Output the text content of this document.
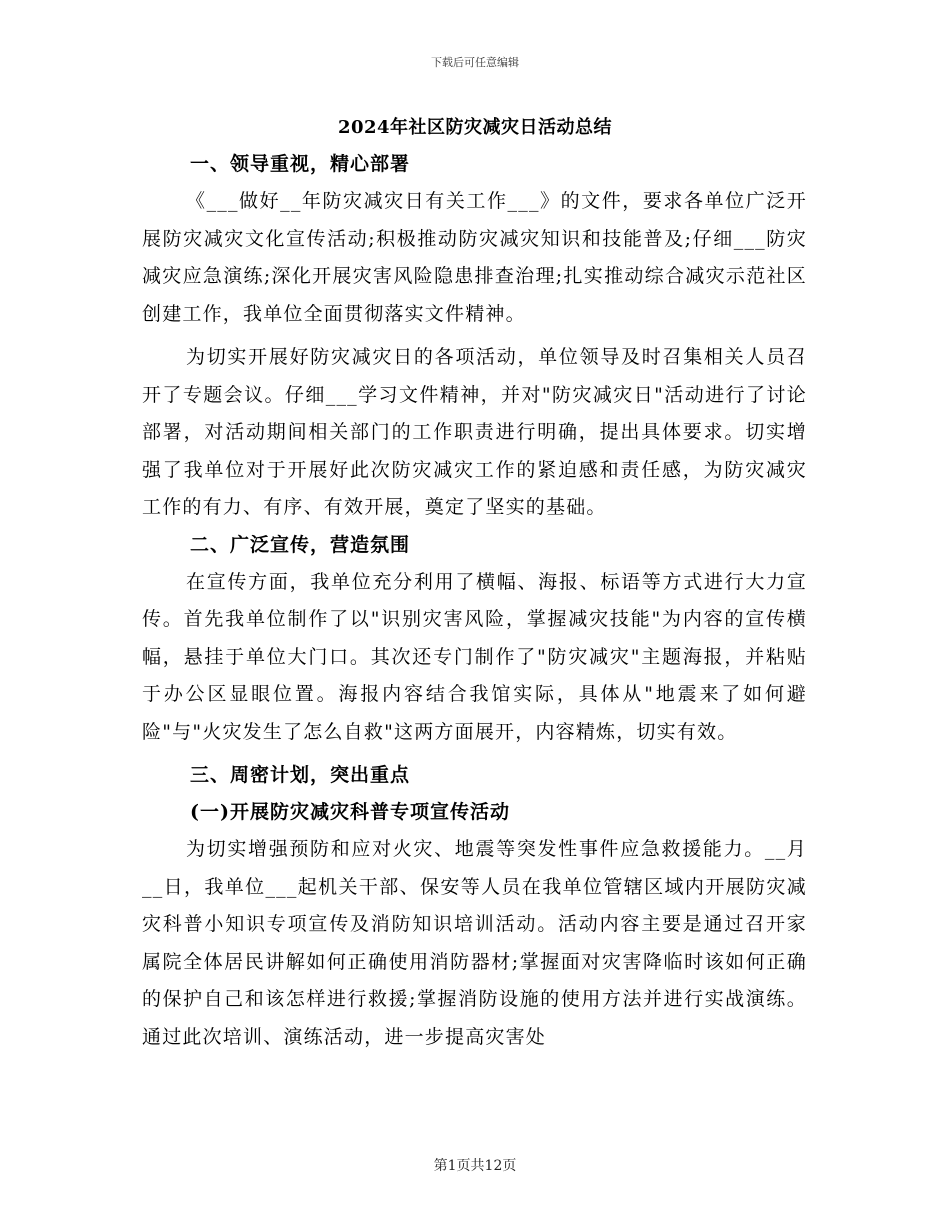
下载后可任意编辑
2024年社区防灾减灾日活动总结
一、领导重视，精心部署

《___做好__年防灾减灾日有关工作___》的文件，要求各单位广泛开展防灾减灾文化宣传活动;积极推动防灾减灾知识和技能普及;仔细___防灾减灾应急演练;深化开展灾害风险隐患排查治理;扎实推动综合减灾示范社区创建工作，我单位全面贯彻落实文件精神。

为切实开展好防灾减灾日的各项活动，单位领导及时召集相关人员召开了专题会议。仔细___学习文件精神，并对"防灾减灾日"活动进行了讨论部署，对活动期间相关部门的工作职责进行明确，提出具体要求。切实增强了我单位对于开展好此次防灾减灾工作的紧迫感和责任感，为防灾减灾工作的有力、有序、有效开展，奠定了坚实的基础。

二、广泛宣传，营造氛围

在宣传方面，我单位充分利用了横幅、海报、标语等方式进行大力宣传。首先我单位制作了以"识别灾害风险，掌握减灾技能"为内容的宣传横幅，悬挂于单位大门口。其次还专门制作了"防灾减灾"主题海报，并粘贴于办公区显眼位置。海报内容结合我馆实际，具体从"地震来了如何避险"与"火灾发生了怎么自救"这两方面展开，内容精炼，切实有效。

三、周密计划，突出重点
(一)开展防灾减灾科普专项宣传活动

为切实增强预防和应对火灾、地震等突发性事件应急救援能力。__月__日，我单位___起机关干部、保安等人员在我单位管辖区域内开展防灾减灾科普小知识专项宣传及消防知识培训活动。活动内容主要是通过召开家属院全体居民讲解如何正确使用消防器材;掌握面对灾害降临时该如何正确的保护自己和该怎样进行救援;掌握消防设施的使用方法并进行实战演练。通过此次培训、演练活动，进一步提高灾害处

第1页共12页
